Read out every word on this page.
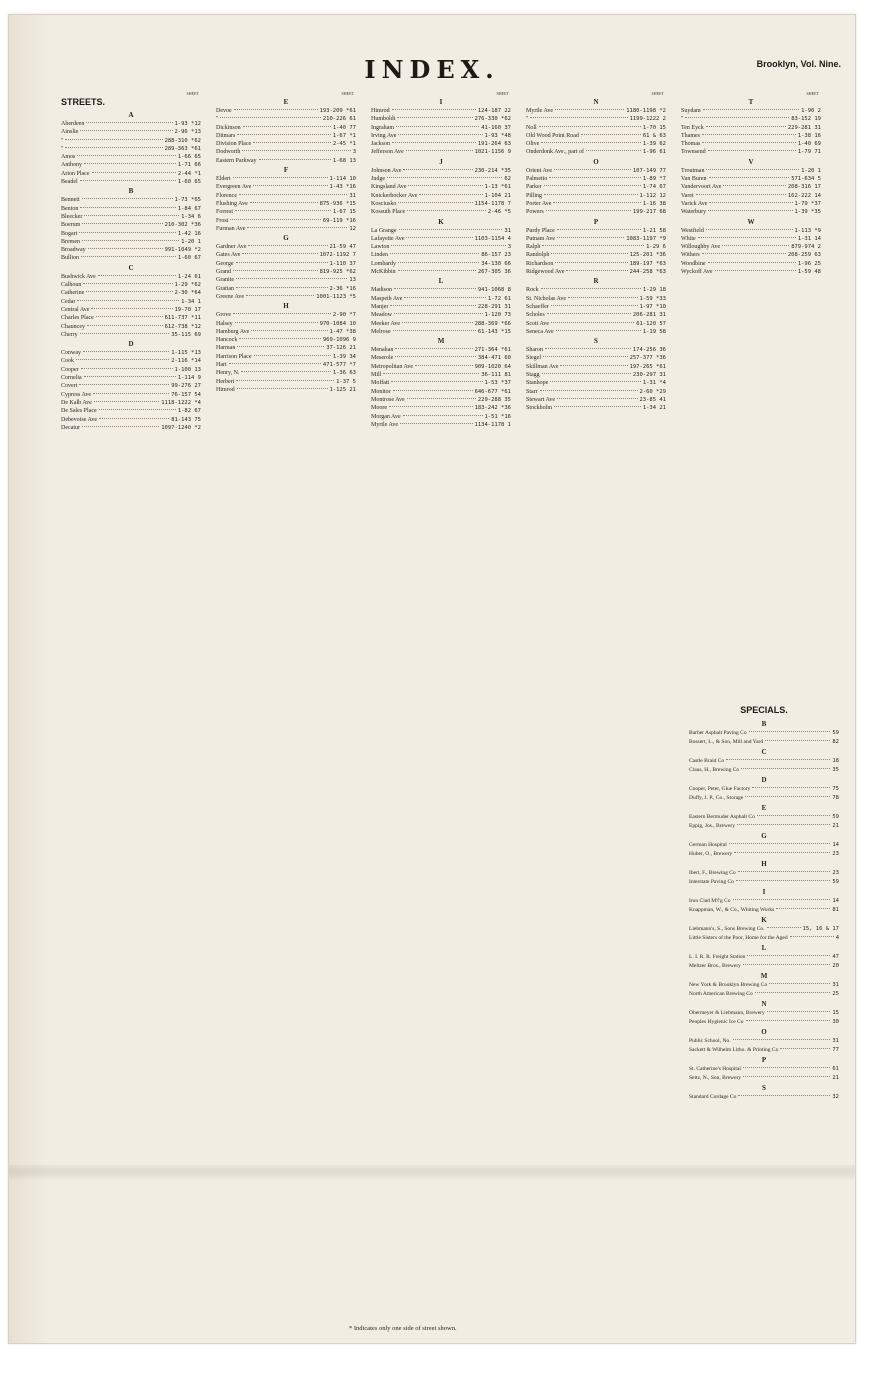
INDEX.	Brooklyn, Vol. Nine.
STREETS.
SHEET
A
Aberdeen	1-93 *12
Ainslie	2-96 *13
"	288-310 *62
"	289-363 *61
Amos	1-66 65
Anthony	1-71 66
Arion Place	2-44 *1
Beadel	1-60 65
B
Bennett	1-73 *65
Benton	1-84 67
Bleecker	1-34 6
Boerum	210-302 *36
Bogart	1-42 16
Bremen	1-20 1
Broadway	991-1049 *2
Bullion	1-60 67
C
Bushwick Ave	1-24 61
Calhoun	1-29 *62
Catherine	2-30 *64
Cedar	1-34 1
Central Ave	19-70 17
Charles Place	611-737 *11
Chauncey	612-738 *12
Cherry	35-115 69
D
Conway	1-115 *13
Cook	2-116 *14
Cooper	1-100 13
Cornelia	1-114 9
Covert	99-276 27
Cypress Ave	76-157 54
De Kalb Ave	1118-1222 *4
De Sales Place	1-82 67
Debevoise Ave	81-143 75
Decatur	1097-1240 *2
SHEET
E
Devoe	193-209 *61
"	210-226 61
Dickinson	1-40 77
Ditmars	1-67 *1
Division Place	2-45 *1
Dodworth	3
Eastern Parkway	1-68 13
F
Eldert	1-114 10
Evergreen Ave	1-43 *16
Florence	31
Flushing Ave	875-936 *15
Forrest	1-67 15
Frost	69-119 *16
Furman Ave	12
G
Gardner Ave	21-59 47
Gates Ave	1072-1192 7
George	1-110 37
Grand	819-925 *62
Granite	13
Grattan	2-36 *16
Greene Ave	1001-1123 *5
H
Grove	2-90 *7
Halsey	970-1084 10
Hamburg Ave	1-47 *38
Hancock	969-1096 9
Harman	37-126 21
Harrison Place	1-39 34
Hart	471-577 *7
Henry, N.	1-36 63
Herbert	1-37 5
Himrod	1-125 21
SHEET
I
Himrod	124-187 22
Humboldt	276-330 *62
Ingraham	41-160 37
Irving Ave	1-93 *48
Jackson	191-264 63
Jefferson Ave	1021-1156 9
J
Johnson Ave	230-214 *35
Judge	62
Kingsland Ave	1-13 *61
Knickerbocker Ave	1-104 21
Kosciusko	1154-1178 7
Kossuth Place	2-46 *5
K
La Grange	31
Lafayette Ave	1103-1154 4
Lawton	3
Linden	86-157 23
Lombardy	34-130 66
McKibbin	267-305 36
L
Madison	941-1068 8
Maspeth Ave	1-72 61
Manjer	228-291 31
Meadow	1-120 73
Meeker Ave	288-369 *66
Melrose	61-143 *15
M
Menahan	271-364 *61
Meserole	384-471 60
Metropolitan Ave	909-1020 64
Mill	36-111 81
Moffatt	1-53 *37
Monitor	646-677 *61
Montrose Ave	229-288 35
Moore	183-242 *36
Morgan Ave	1-51 *16
Myrtle Ave	1134-1178 1
SHEET
N
Myrtle Ave	1180-1198 *2
"	1199-1222 2
Noll	1-70 15
Old Wood Point Road	61 & 63
Olive	1-39 62
Onderdonk Ave., part of	1-96 61
O
Orient Ave	107-149 77
Palmetto	1-89 *7
Parker	1-74 67
Pilling	1-112 12
Porter Ave	1-16 38
Powers	199-217 68
P
Purdy Place	1-21 58
Putnam Ave	1083-1197 *9
Ralph	1-29 6
Randolph	125-201 *36
Richardson	189-197 *63
Ridgewood Ave	244-258 *63
R
Rock	1-29 18
St. Nicholas Ave	1-59 *33
Schaeffer	1-97 *10
Scholes	206-281 31
Scott Ave	61-120 57
Seneca Ave	1-19 58
S
Sharon	174-256 36
Siegel	257-377 *36
Skillman Ave	197-265 *61
Stagg	230-297 31
Stanhope	1-31 *4
Starr	2-60 *29
Stewart Ave	23-85 41
Stockholm	1-34 21
SHEET
T
Suydam	1-90 2
"	83-152 19
Ten Eyck	229-281 31
Thames	1-38 16
Thomas	1-40 69
Townsend	1-79 71
V
Troutman	1-20 1
Van Buren	571-634 5
Vandervoort Ave	208-316 17
Varet	162-222 14
Varick Ave	1-79 *37
Waterbury	1-39 *35
W
Westfield	1-113 *9
White	1-31 14
Willoughby Ave	879-974 2
Withers	208-259 63
Woodbine	1-96 25
Wyckoff Ave	1-59 48
SPECIALS.
B
Barber Asphalt Paving Co	59
Bossert, L., & Son, Mill and Yard	82
C
Castle Braid Co	18
Claus, H., Brewing Co	35
D
Cooper, Peter, Glue Factory	75
Duffy, J. P., Co., Storage	78
E
Eastern Bermuder Asphalt Co	59
Eppig, Jos., Brewery	21
G
German Hospital	14
Huber, O., Brewery	23
H
Ibert, F., Brewing Co	23
Interstate Paving Co	59
I
Iron Clad M'f'g Co	14
Knappman, W., & Co., Whiting Works	81
K
Liebmann's, S., Sons Brewing Co.	15, 16 & 17
Little Sisters of the Poor, Home for the Aged	4
L
L. I. R. R. Freight Station	47
Meltzer Bros., Brewery	20
M
New York & Brooklyn Brewing Co	31
North American Brewing Co	25
N
Obermeyer & Liebmann, Brewery	15
Peoples Hygienic Ice Co	30
O
Public School, No.	31
Sackett & Wilhelm Litho. & Printing Co	77
P
St. Catherine's Hospital	61
Seitz, N., Son, Brewery	21
S
Standard Cordage Co	32
* Indicates only one side of street shown.
